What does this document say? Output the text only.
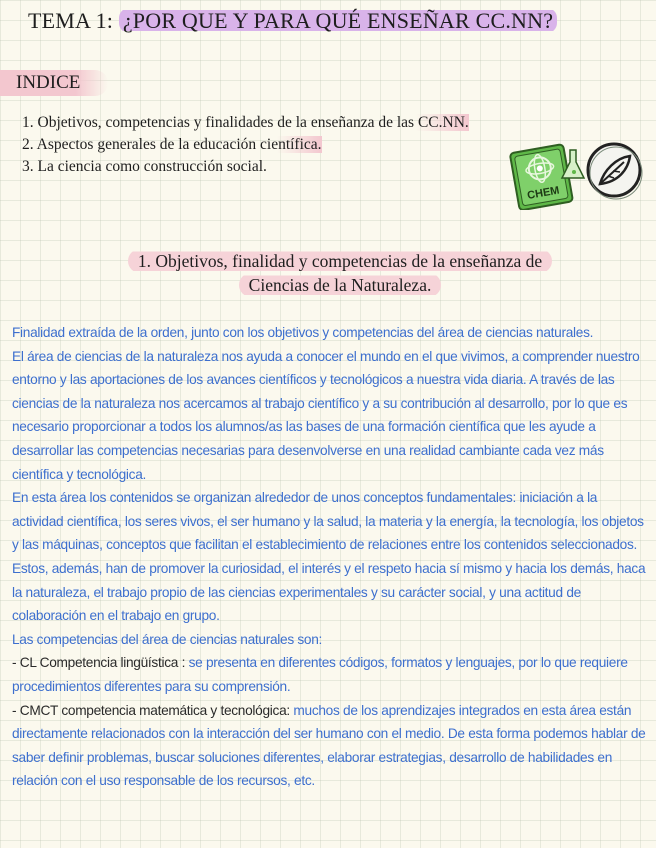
TEMA 1: ¿POR QUE Y PARA QUÉ ENSEÑAR CC.NN?
INDICE
1. Objetivos, competencias y finalidades de la enseñanza de las CC.NN.
2. Aspectos generales de la educación científica.
3. La ciencia como construcción social.
CHEM
1. Objetivos, finalidad y competencias de la enseñanza de
Ciencias de la Naturaleza.

Finalidad extraída de la orden, junto con los objetivos y competencias del área de ciencias naturales.

El área de ciencias de la naturaleza nos ayuda a conocer el mundo en el que vivimos, a comprender nuestro entorno y las aportaciones de los avances científicos y tecnológicos a nuestra vida diaria. A través de las ciencias de la naturaleza nos acercamos al trabajo científico y a su contribución al desarrollo, por lo que es necesario proporcionar a todos los alumnos/as las bases de una formación científica que les ayude a desarrollar las competencias necesarias para desenvolverse en una realidad cambiante cada vez más científica y tecnológica.

En esta área los contenidos se organizan alrededor de unos conceptos fundamentales: iniciación a la actividad científica, los seres vivos, el ser humano y la salud, la materia y la energía, la tecnología, los objetos y las máquinas, conceptos que facilitan el establecimiento de relaciones entre los contenidos seleccionados. Estos, además, han de promover la curiosidad, el interés y el respeto hacia sí mismo y hacia los demás, haca la naturaleza, el trabajo propio de las ciencias experimentales y su carácter social, y una actitud de colaboración en el trabajo en grupo.

Las competencias del área de ciencias naturales son:

- CL Competencia lingüística : se presenta en diferentes códigos, formatos y lenguajes, por lo que requiere procedimientos diferentes para su comprensión.

- CMCT competencia matemática y tecnológica: muchos de los aprendizajes integrados en esta área están directamente relacionados con la interacción del ser humano con el medio. De esta forma podemos hablar de saber definir problemas, buscar soluciones diferentes, elaborar estrategias, desarrollo de habilidades en relación con el uso responsable de los recursos, etc.
